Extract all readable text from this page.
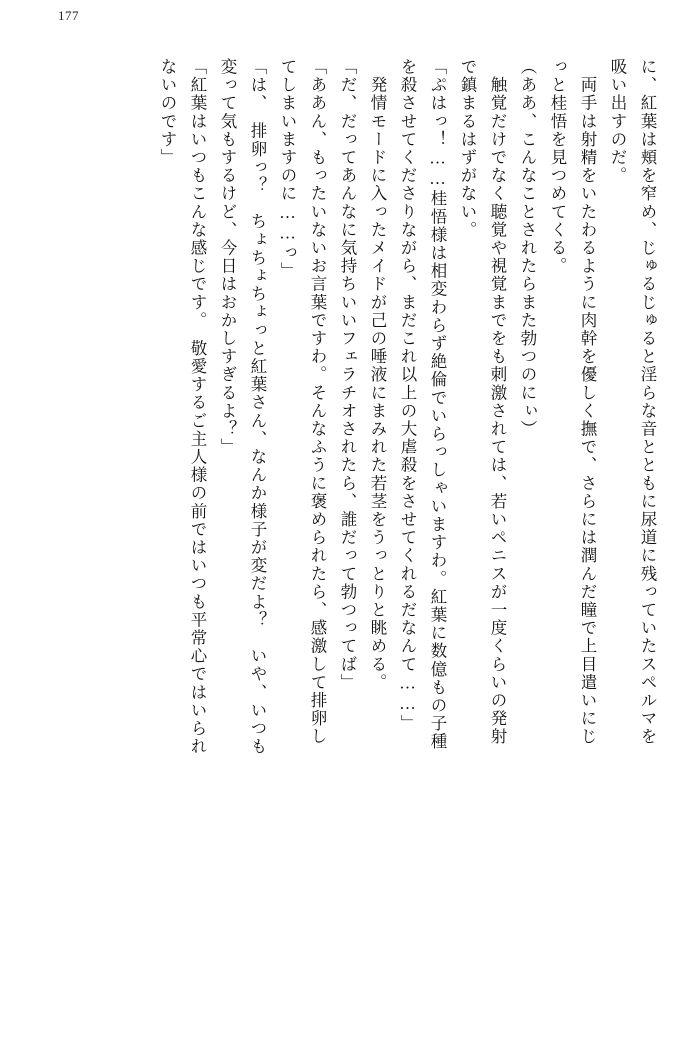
177
に、紅葉は頬を窄め、じゅるじゅると淫らな音とともに尿道に残っていたスペルマを
吸い出すのだ。
　両手は射精をいたわるように肉幹を優しく撫で、さらには潤んだ瞳で上目遣いにじ
っと桂悟を見つめてくる。
（ああ、こんなことされたらまた勃つのにぃ）
　触覚だけでなく聴覚や視覚までをも刺激されては、若いペニスが一度くらいの発射
で鎮まるはずがない。
「ぷはっ！……桂悟様は相変わらず絶倫でいらっしゃいますわ。紅葉に数億もの子種
を殺させてくださりながら、まだこれ以上の大虐殺をさせてくれるだなんて……」
　発情モードに入ったメイドが己の唾液にまみれた若茎をうっとりと眺める。
「だ、だってあんなに気持ちいいフェラチオされたら、誰だって勃つってば」
「ああん、もったいないお言葉ですわ。そんなふうに褒められたら、感激して排卵し
てしまいますのに……っ」
「は、　排卵っ？　ちょちょちょっと紅葉さん、なんか様子が変だよ？　いや、いつも
変って気もするけど、今日はおかしすぎるよ？」
「紅葉はいつもこんな感じです。　敬愛するご主人様の前ではいつも平常心ではいられ
ないのです」
